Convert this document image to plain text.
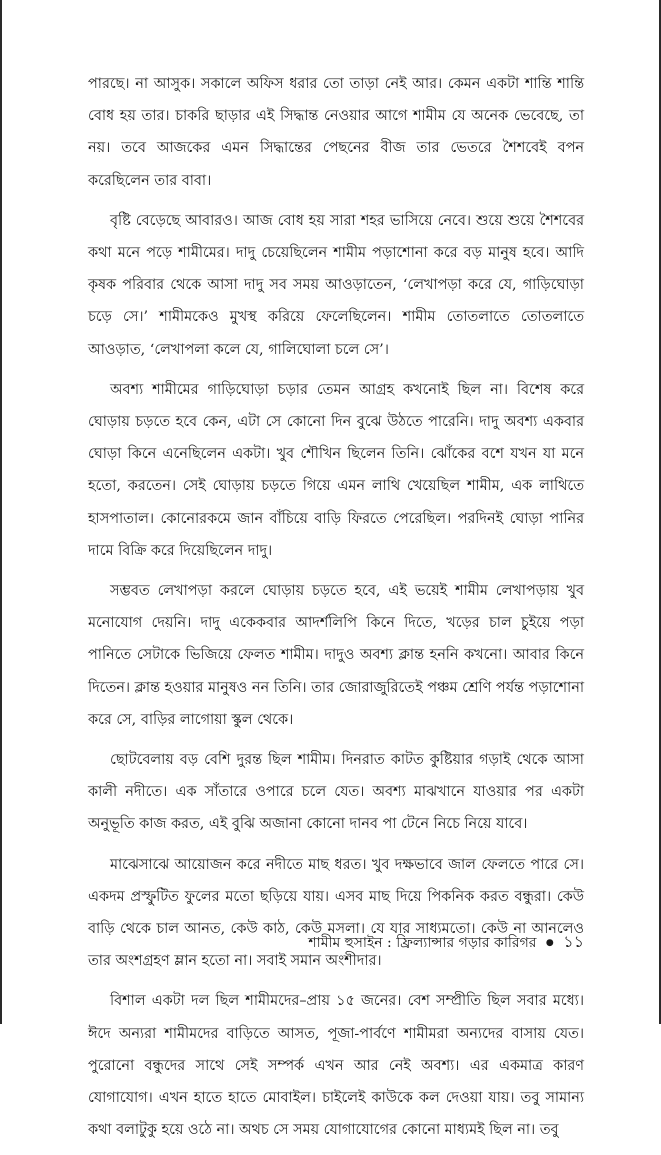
পারছে। না আসুক। সকালে অফিস ধরার তো তাড়া নেই আর। কেমন একটা শান্তি শান্তি বোধ হয় তার। চাকরি ছাড়ার এই সিদ্ধান্ত নেওয়ার আগে শামীম যে অনেক ভেবেছে, তা নয়। তবে আজকের এমন সিদ্ধান্তের পেছনের বীজ তার ভেতরে শৈশবেই বপন করেছিলেন তার বাবা।

বৃষ্টি বেড়েছে আবারও। আজ বোধ হয় সারা শহর ভাসিয়ে নেবে। শুয়ে শুয়ে শৈশবের কথা মনে পড়ে শামীমের। দাদু চেয়েছিলেন শামীম পড়াশোনা করে বড় মানুষ হবে। আদি কৃষক পরিবার থেকে আসা দাদু সব সময় আওড়াতেন, ‘লেখাপড়া করে যে, গাড়িঘোড়া চড়ে সে।’ শামীমকেও মুখস্থ করিয়ে ফেলেছিলেন। শামীম তোতলাতে তোতলাতে আওড়াত, ‘লেখাপলা কলে যে, গালিঘোলা চলে সে’।

অবশ্য শামীমের গাড়িঘোড়া চড়ার তেমন আগ্রহ কখনোই ছিল না। বিশেষ করে ঘোড়ায় চড়তে হবে কেন, এটা সে কোনো দিন বুঝে উঠতে পারেনি। দাদু অবশ্য একবার ঘোড়া কিনে এনেছিলেন একটা। খুব শৌখিন ছিলেন তিনি। ঝোঁকের বশে যখন যা মনে হতো, করতেন। সেই ঘোড়ায় চড়তে গিয়ে এমন লাথি খেয়েছিল শামীম, এক লাথিতে হাসপাতাল। কোনোরকমে জান বাঁচিয়ে বাড়ি ফিরতে পেরেছিল। পরদিনই ঘোড়া পানির দামে বিক্রি করে দিয়েছিলেন দাদু।

সম্ভবত লেখাপড়া করলে ঘোড়ায় চড়তে হবে, এই ভয়েই শামীম লেখাপড়ায় খুব মনোযোগ দেয়নি। দাদু একেকবার আদর্শলিপি কিনে দিতে, খড়ের চাল চুইয়ে পড়া পানিতে সেটাকে ভিজিয়ে ফেলত শামীম। দাদুও অবশ্য ক্লান্ত হননি কখনো। আবার কিনে দিতেন। ক্লান্ত হওয়ার মানুষও নন তিনি। তার জোরাজুরিতেই পঞ্চম শ্রেণি পর্যন্ত পড়াশোনা করে সে, বাড়ির লাগোয়া স্কুল থেকে।

ছোটবেলায় বড় বেশি দুরন্ত ছিল শামীম। দিনরাত কাটত কুষ্টিয়ার গড়াই থেকে আসা কালী নদীতে। এক সাঁতারে ওপারে চলে যেত। অবশ্য মাঝখানে যাওয়ার পর একটা অনুভূতি কাজ করত, এই বুঝি অজানা কোনো দানব পা টেনে নিচে নিয়ে যাবে।

মাঝেসাঝে আয়োজন করে নদীতে মাছ ধরত। খুব দক্ষভাবে জাল ফেলতে পারে সে। একদম প্রস্ফুটিত ফুলের মতো ছড়িয়ে যায়। এসব মাছ দিয়ে পিকনিক করত বন্ধুরা। কেউ বাড়ি থেকে চাল আনত, কেউ কাঠ, কেউ মসলা। যে যার সাধ্যমতো। কেউ না আনলেও তার অংশগ্রহণ ম্লান হতো না। সবাই সমান অংশীদার।

বিশাল একটা দল ছিল শামীমদের–প্রায় ১৫ জনের। বেশ সম্প্রীতি ছিল সবার মধ্যে। ঈদে অন্যরা শামীমদের বাড়িতে আসত, পূজা-পার্বণে শামীমরা অন্যদের বাসায় যেত। পুরোনো বন্ধুদের সাথে সেই সম্পর্ক এখন আর নেই অবশ্য। এর একমাত্র কারণ যোগাযোগ। এখন হাতে হাতে মোবাইল। চাইলেই কাউকে কল দেওয়া যায়। তবু সামান্য কথা বলাটুকু হয়ে ওঠে না। অথচ সে সময় যোগাযোগের কোনো মাধ্যমই ছিল না। তবু

শামীম হুসাইন : ফ্রিল্যান্সার গড়ার কারিগর ● ১১
